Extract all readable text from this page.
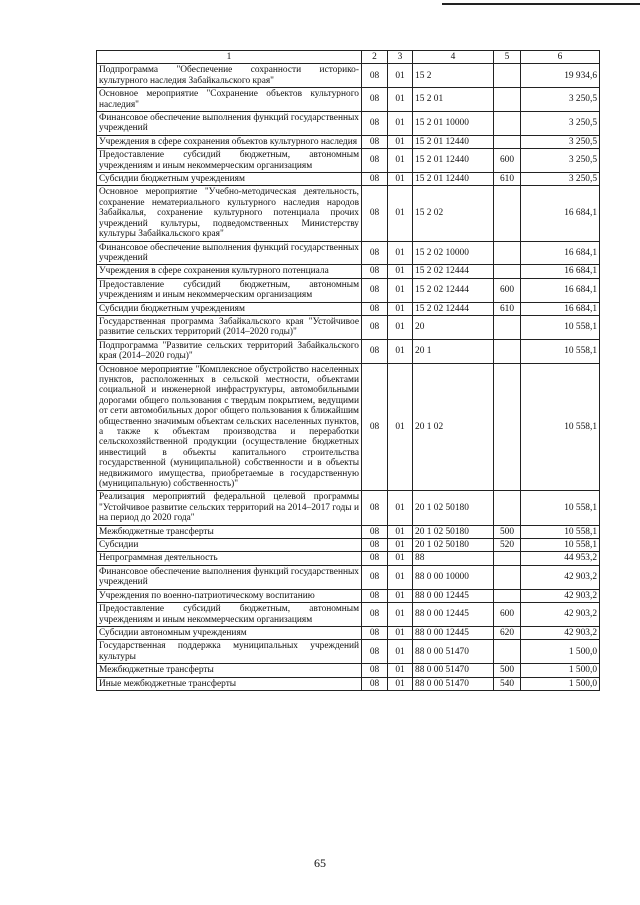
1	2	3	4	5	6
Подпрограмма "Обеспечение сохранности историко-культурного наследия Забайкальского края"	08	01	15 2		19 934,6
Основное мероприятие "Сохранение объектов культурного наследия"	08	01	15 2 01		3 250,5
Финансовое обеспечение выполнения функций государственных учреждений	08	01	15 2 01 10000		3 250,5
Учреждения в сфере сохранения объектов культурного наследия	08	01	15 2 01 12440		3 250,5
Предоставление субсидий бюджетным, автономным учреждениям и иным некоммерческим организациям	08	01	15 2 01 12440	600	3 250,5
Субсидии бюджетным учреждениям	08	01	15 2 01 12440	610	3 250,5
Основное мероприятие "Учебно-методическая деятельность, сохранение нематериального культурного наследия народов Забайкалья, сохранение культурного потенциала прочих учреждений культуры, подведомственных Министерству культуры Забайкальского края"	08	01	15 2 02		16 684,1
Финансовое обеспечение выполнения функций государственных учреждений	08	01	15 2 02 10000		16 684,1
Учреждения в сфере сохранения культурного потенциала	08	01	15 2 02 12444		16 684,1
Предоставление субсидий бюджетным, автономным учреждениям и иным некоммерческим организациям	08	01	15 2 02 12444	600	16 684,1
Субсидии бюджетным учреждениям	08	01	15 2 02 12444	610	16 684,1
Государственная программа Забайкальского края "Устойчивое развитие сельских территорий (2014–2020 годы)"	08	01	20		10 558,1
Подпрограмма "Развитие сельских территорий Забайкальского края (2014–2020 годы)"	08	01	20 1		10 558,1
Основное мероприятие "Комплексное обустройство населенных пунктов, расположенных в сельской местности, объектами социальной и инженерной инфраструктуры, автомобильными дорогами общего пользования с твердым покрытием, ведущими от сети автомобильных дорог общего пользования к ближайшим общественно значимым объектам сельских населенных пунктов, а также к объектам производства и переработки сельскохозяйственной продукции (осуществление бюджетных инвестиций в объекты капитального строительства государственной (муниципальной) собственности и в объекты недвижимого имущества, приобретаемые в государственную (муниципальную) собственность)"	08	01	20 1 02		10 558,1
Реализация мероприятий федеральной целевой программы "Устойчивое развитие сельских территорий на 2014–2017 годы и на период до 2020 года"	08	01	20 1 02 50180		10 558,1
Межбюджетные трансферты	08	01	20 1 02 50180	500	10 558,1
Субсидии	08	01	20 1 02 50180	520	10 558,1
Непрограммная деятельность	08	01	88		44 953,2
Финансовое обеспечение выполнения функций государственных учреждений	08	01	88 0 00 10000		42 903,2
Учреждения по военно-патриотическому воспитанию	08	01	88 0 00 12445		42 903,2
Предоставление субсидий бюджетным, автономным учреждениям и иным некоммерческим организациям	08	01	88 0 00 12445	600	42 903,2
Субсидии автономным учреждениям	08	01	88 0 00 12445	620	42 903,2
Государственная поддержка муниципальных учреждений культуры	08	01	88 0 00 51470		1 500,0
Межбюджетные трансферты	08	01	88 0 00 51470	500	1 500,0
Иные межбюджетные трансферты	08	01	88 0 00 51470	540	1 500,0
65
